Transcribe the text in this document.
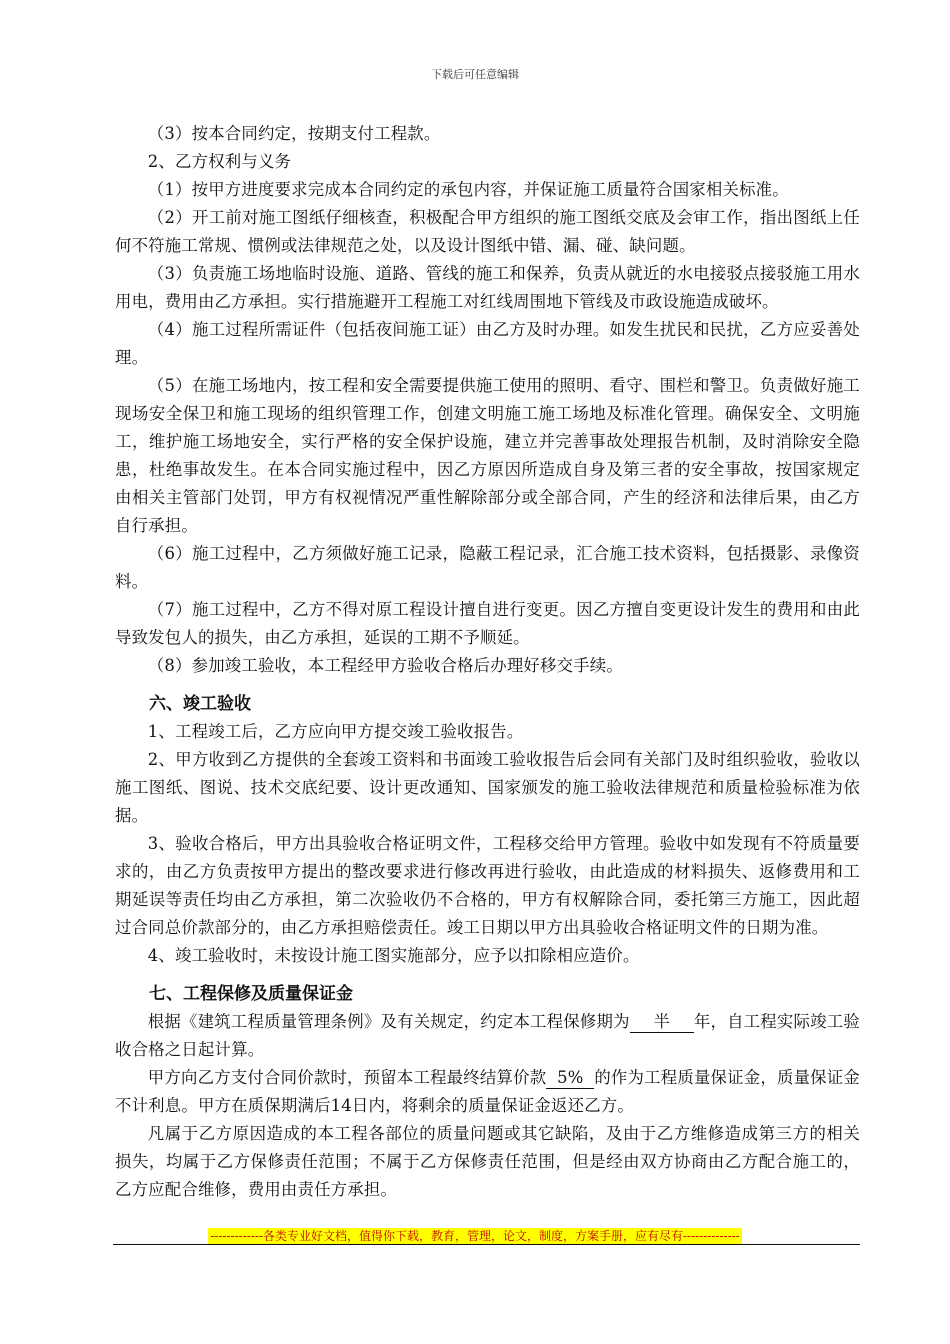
下载后可任意编辑

（3）按本合同约定，按期支付工程款。

2、乙方权利与义务

（1）按甲方进度要求完成本合同约定的承包内容，并保证施工质量符合国家相关标准。

（2）开工前对施工图纸仔细核查，积极配合甲方组织的施工图纸交底及会审工作，指出图纸上任何不符施工常规、惯例或法律规范之处，以及设计图纸中错、漏、碰、缺问题。

（3）负责施工场地临时设施、道路、管线的施工和保养，负责从就近的水电接驳点接驳施工用水用电，费用由乙方承担。实行措施避开工程施工对红线周围地下管线及市政设施造成破坏。

（4）施工过程所需证件（包括夜间施工证）由乙方及时办理。如发生扰民和民扰，乙方应妥善处理。

（5）在施工场地内，按工程和安全需要提供施工使用的照明、看守、围栏和警卫。负责做好施工现场安全保卫和施工现场的组织管理工作，创建文明施工施工场地及标准化管理。确保安全、文明施工，维护施工场地安全，实行严格的安全保护设施，建立并完善事故处理报告机制，及时消除安全隐患，杜绝事故发生。在本合同实施过程中，因乙方原因所造成自身及第三者的安全事故，按国家规定由相关主管部门处罚，甲方有权视情况严重性解除部分或全部合同，产生的经济和法律后果，由乙方自行承担。

（6）施工过程中，乙方须做好施工记录，隐蔽工程记录，汇合施工技术资料，包括摄影、录像资料。

（7）施工过程中，乙方不得对原工程设计擅自进行变更。因乙方擅自变更设计发生的费用和由此导致发包人的损失，由乙方承担，延误的工期不予顺延。

（8）参加竣工验收，本工程经甲方验收合格后办理好移交手续。

六、竣工验收

1、工程竣工后，乙方应向甲方提交竣工验收报告。

2、甲方收到乙方提供的全套竣工资料和书面竣工验收报告后会同有关部门及时组织验收，验收以施工图纸、图说、技术交底纪要、设计更改通知、国家颁发的施工验收法律规范和质量检验标准为依据。

3、验收合格后，甲方出具验收合格证明文件，工程移交给甲方管理。验收中如发现有不符质量要求的，由乙方负责按甲方提出的整改要求进行修改再进行验收，由此造成的材料损失、返修费用和工期延误等责任均由乙方承担，第二次验收仍不合格的，甲方有权解除合同，委托第三方施工，因此超过合同总价款部分的，由乙方承担赔偿责任。竣工日期以甲方出具验收合格证明文件的日期为准。

4、竣工验收时，未按设计施工图实施部分，应予以扣除相应造价。

七、工程保修及质量保证金

根据《建筑工程质量管理条例》及有关规定，约定本工程保修期为 半 年，自工程实际竣工验收合格之日起计算。

甲方向乙方支付合同价款时，预留本工程最终结算价款 5% 的作为工程质量保证金，质量保证金不计利息。甲方在质保期满后14日内，将剩余的质量保证金返还乙方。

凡属于乙方原因造成的本工程各部位的质量问题或其它缺陷，及由于乙方维修造成第三方的相关损失，均属于乙方保修责任范围；不属于乙方保修责任范围，但是经由双方协商由乙方配合施工的，乙方应配合维修，费用由责任方承担。

-------------各类专业好文档，值得你下载，教育，管理，论文，制度，方案手册，应有尽有--------------
